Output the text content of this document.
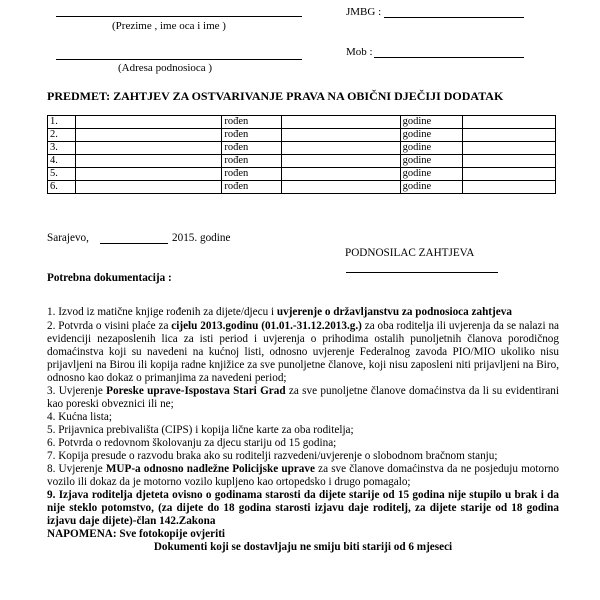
(Prezime , ime oca i ime )
JMBG :
(Adresa podnosioca )
Mob :
PREDMET: ZAHTJEV ZA OSTVARIVANJE PRAVA NA OBIČNI DJEČIJI DODATAK
1.		rođen		godine	
2.		rođen		godine	
3.		rođen		godine	
4.		rođen		godine	
5.		rođen		godine	
6.		rođen		godine	
Sarajevo,	2015. godine
PODNOSILAC ZAHTJEVA
Potrebna dokumentacija :
1. Izvod iz matične knjige rođenih za dijete/djecu i uvjerenje o državljanstvu za podnosioca zahtjeva
2. Potvrda o visini plaće za cijelu 2013.godinu (01.01.-31.12.2013.g.) za oba roditelja ili uvjerenja da se nalazi na evidenciji nezaposlenih lica za isti period i uvjerenja o prihodima ostalih punoljetnih članova porodičnog domaćinstva koji su navedeni na kućnoj listi, odnosno uvjerenje Federalnog zavoda PIO/MIO ukoliko nisu prijavljeni na Birou ili kopija radne knjižice za sve punoljetne članove, koji nisu zaposleni niti prijavljeni na Biro, odnosno kao dokaz o primanjima za navedeni period;
3. Uvjerenje Poreske uprave-Ispostava Stari Grad za sve punoljetne članove domaćinstva da li su evidentirani kao poreski obveznici ili ne;
4. Kućna lista;
5. Prijavnica prebivališta (CIPS) i kopija lične karte za oba roditelja;
6. Potvrda o redovnom školovanju za djecu stariju od 15 godina;
7. Kopija presude o razvodu braka ako su roditelji razvedeni/uvjerenje o slobodnom bračnom stanju;
8. Uvjerenje MUP-a odnosno nadležne Policijske uprave za sve članove domaćinstva da ne posjeduju motorno vozilo ili dokaz da je motorno vozilo kupljeno kao ortopedsko i drugo pomagalo;
9. Izjava roditelja djeteta ovisno o godinama starosti da dijete starije od 15 godina nije stupilo u brak i da nije steklo potomstvo, (za dijete do 18 godina starosti izjavu daje roditelj, za dijete starije od 18 godina izjavu daje dijete)-član 142.Zakona
NAPOMENA: Sve fotokopije ovjeriti
Dokumenti koji se dostavljaju ne smiju biti stariji od 6 mjeseci
